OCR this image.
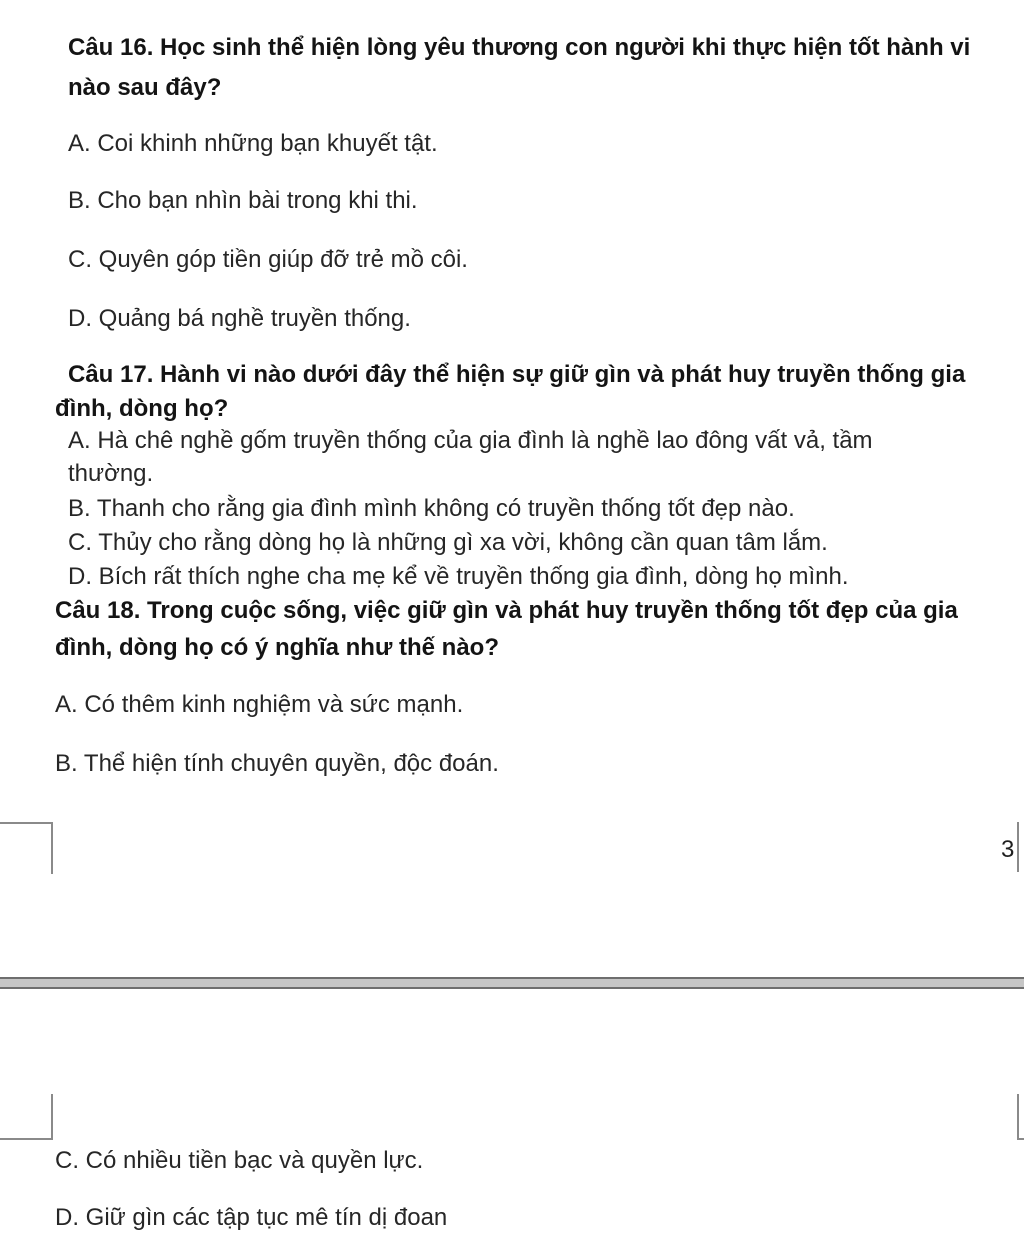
Câu 16. Học sinh thể hiện lòng yêu thương con người khi thực hiện tốt hành vi
nào sau đây?
A. Coi khinh những bạn khuyết tật.
B. Cho bạn nhìn bài trong khi thi.
C. Quyên góp tiền giúp đỡ trẻ mồ côi.
D. Quảng bá nghề truyền thống.
Câu 17. Hành vi nào dưới đây thể hiện sự giữ gìn và phát huy truyền thống gia
đình, dòng họ?
A. Hà chê nghề gốm truyền thống của gia đình là nghề lao đông vất vả, tầm
thường.
B. Thanh cho rằng gia đình mình không có truyền thống tốt đẹp nào.
C. Thủy cho rằng dòng họ là những gì xa vời, không cần quan tâm lắm.
D. Bích rất thích nghe cha mẹ kể về truyền thống gia đình, dòng họ mình.
Câu 18. Trong cuộc sống, việc giữ gìn và phát huy truyền thống tốt đẹp của gia
đình, dòng họ có ý nghĩa như thế nào?
A. Có thêm kinh nghiệm và sức mạnh.
B. Thể hiện tính chuyên quyền, độc đoán.
3
C. Có nhiều tiền bạc và quyền lực.
D. Giữ gìn các tập tục mê tín dị đoan
